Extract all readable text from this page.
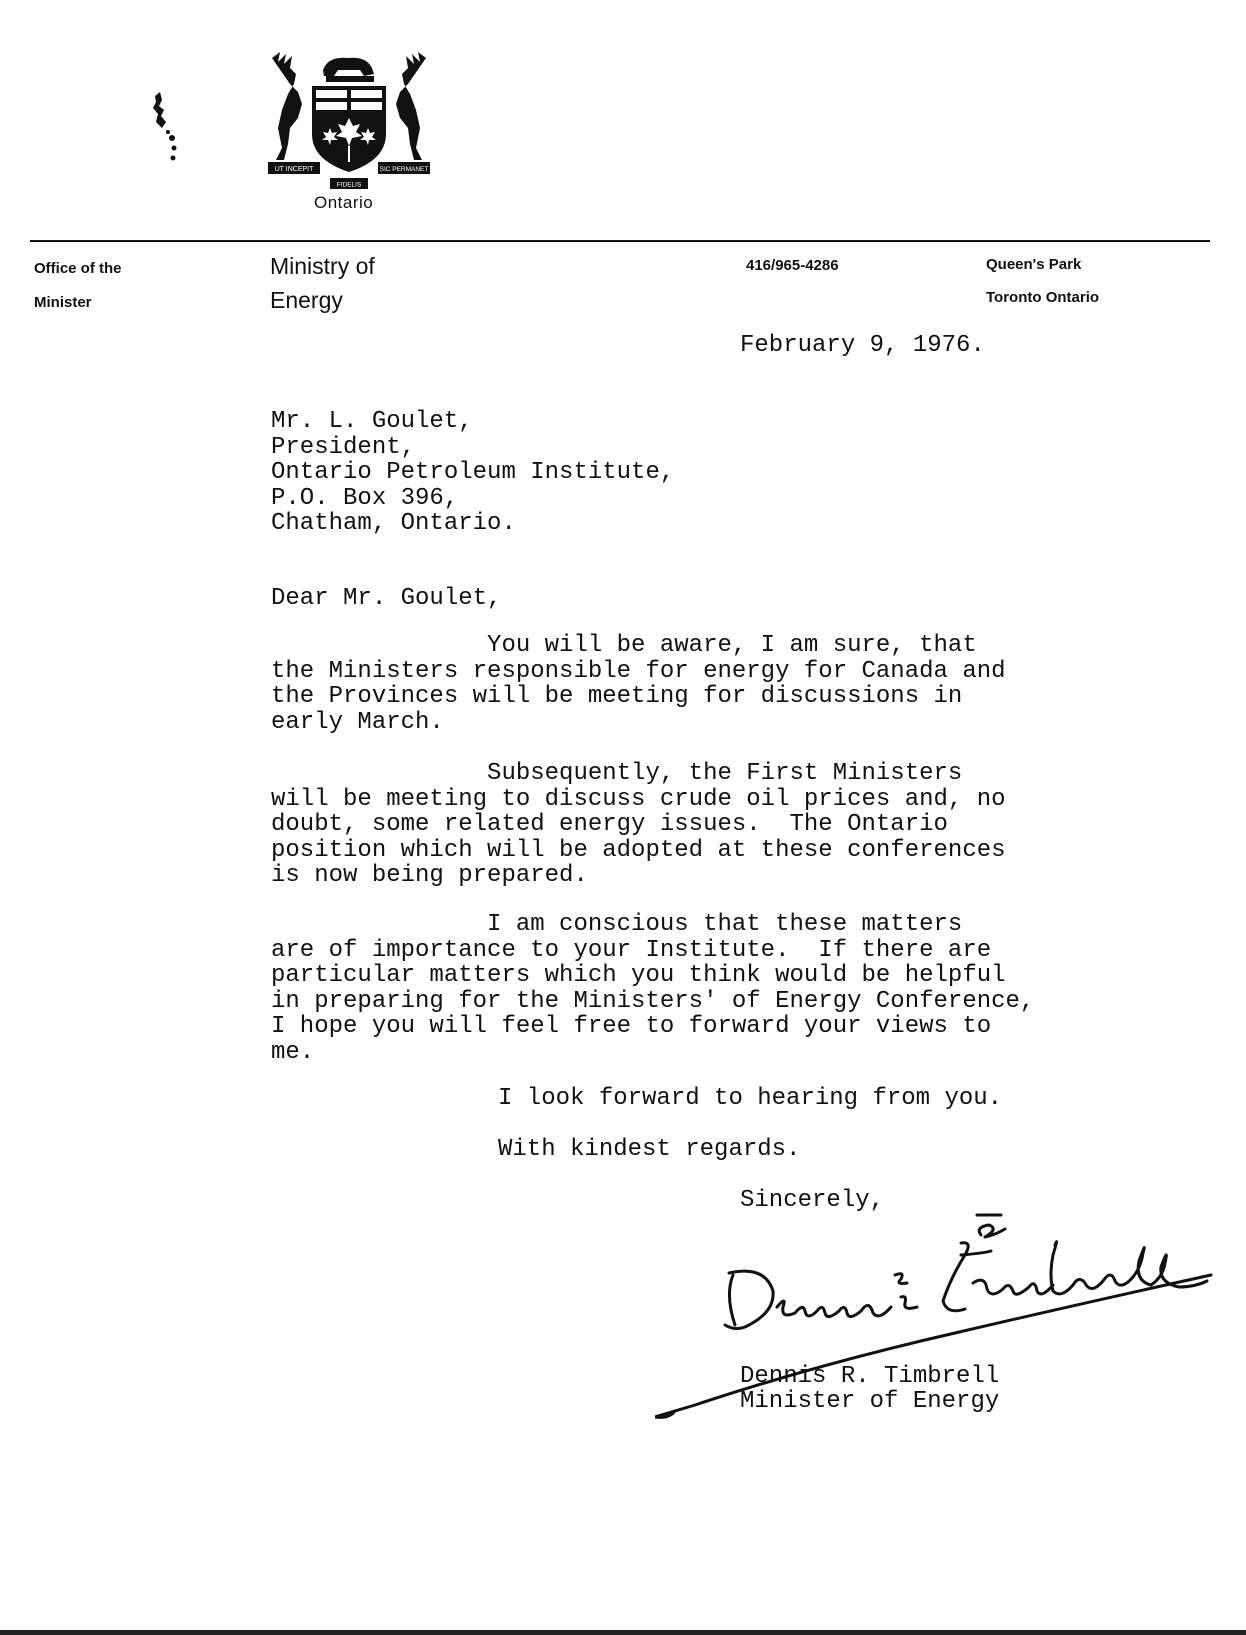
UT INCEPIT
FIDELIS
SIC PERMANET
Ontario
Office of the
Minister
Ministry of
Energy
416/965-4286	Queen's Park
Toronto Ontario
February 9, 1976.
Mr. L. Goulet,
President,
Ontario Petroleum Institute,
P.O. Box 396,
Chatham, Ontario.
Dear Mr. Goulet,
You will be aware, I am sure, that
the Ministers responsible for energy for Canada and
the Provinces will be meeting for discussions in
early March.
Subsequently, the First Ministers
will be meeting to discuss crude oil prices and, no
doubt, some related energy issues.  The Ontario
position which will be adopted at these conferences
is now being prepared.
I am conscious that these matters
are of importance to your Institute.  If there are
particular matters which you think would be helpful
in preparing for the Ministers' of Energy Conference,
I hope you will feel free to forward your views to
me.
I look forward to hearing from you.
With kindest regards.
Sincerely,
Dennis R. Timbrell
Minister of Energy
